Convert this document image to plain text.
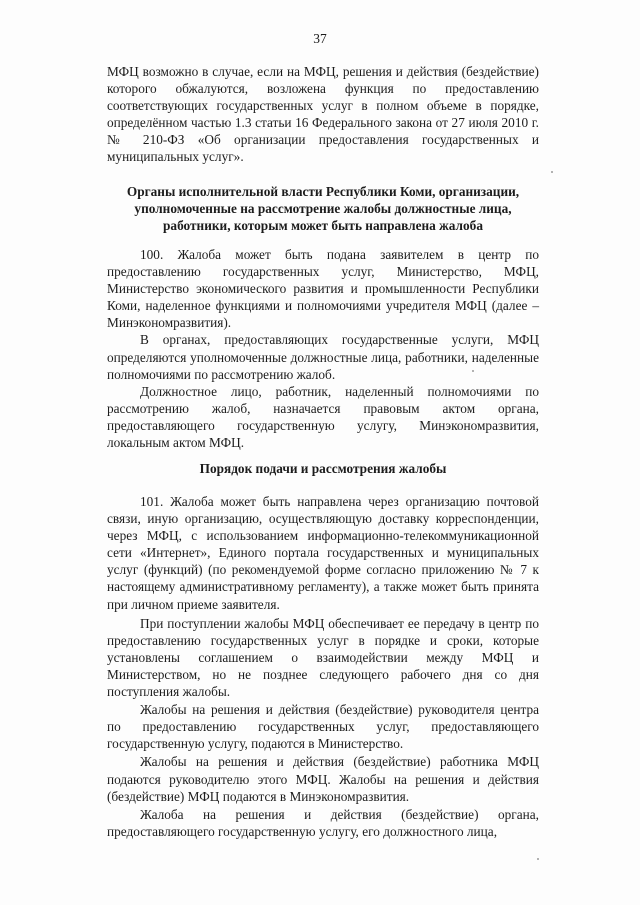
37

МФЦ возможно в случае, если на МФЦ, решения и действия (бездействие) которого обжалуются, возложена функция по предоставлению соответствующих государственных услуг в полном объеме в порядке, определённом частью 1.3 статьи 16 Федерального закона от 27 июля 2010 г. № 210-ФЗ «Об организации предоставления государственных и муниципальных услуг».

Органы исполнительной власти Республики Коми, организации, уполномоченные на рассмотрение жалобы должностные лица, работники, которым может быть направлена жалоба

100. Жалоба может быть подана заявителем в центр по предоставлению государственных услуг, Министерство, МФЦ, Министерство экономического развития и промышленности Республики Коми, наделенное функциями и полномочиями учредителя МФЦ (далее – Минэкономразвития).

В органах, предоставляющих государственные услуги, МФЦ определяются уполномоченные должностные лица, работники, наделенные полномочиями по рассмотрению жалоб.

Должностное лицо, работник, наделенный полномочиями по рассмотрению жалоб, назначается правовым актом органа, предоставляющего государственную услугу, Минэкономразвития, локальным актом МФЦ.

Порядок подачи и рассмотрения жалобы

101. Жалоба может быть направлена через организацию почтовой связи, иную организацию, осуществляющую доставку корреспонденции, через МФЦ, с использованием информационно-телекоммуникационной сети «Интернет», Единого портала государственных и муниципальных услуг (функций) (по рекомендуемой форме согласно приложению № 7 к настоящему административному регламенту), а также может быть принята при личном приеме заявителя.

При поступлении жалобы МФЦ обеспечивает ее передачу в центр по предоставлению государственных услуг в порядке и сроки, которые установлены соглашением о взаимодействии между МФЦ и Министерством, но не позднее следующего рабочего дня со дня поступления жалобы.

Жалобы на решения и действия (бездействие) руководителя центра по предоставлению государственных услуг, предоставляющего государственную услугу, подаются в Министерство.

Жалобы на решения и действия (бездействие) работника МФЦ подаются руководителю этого МФЦ. Жалобы на решения и действия (бездействие) МФЦ подаются в Минэкономразвития.

Жалоба на решения и действия (бездействие) органа, предоставляющего государственную услугу, его должностного лица,
